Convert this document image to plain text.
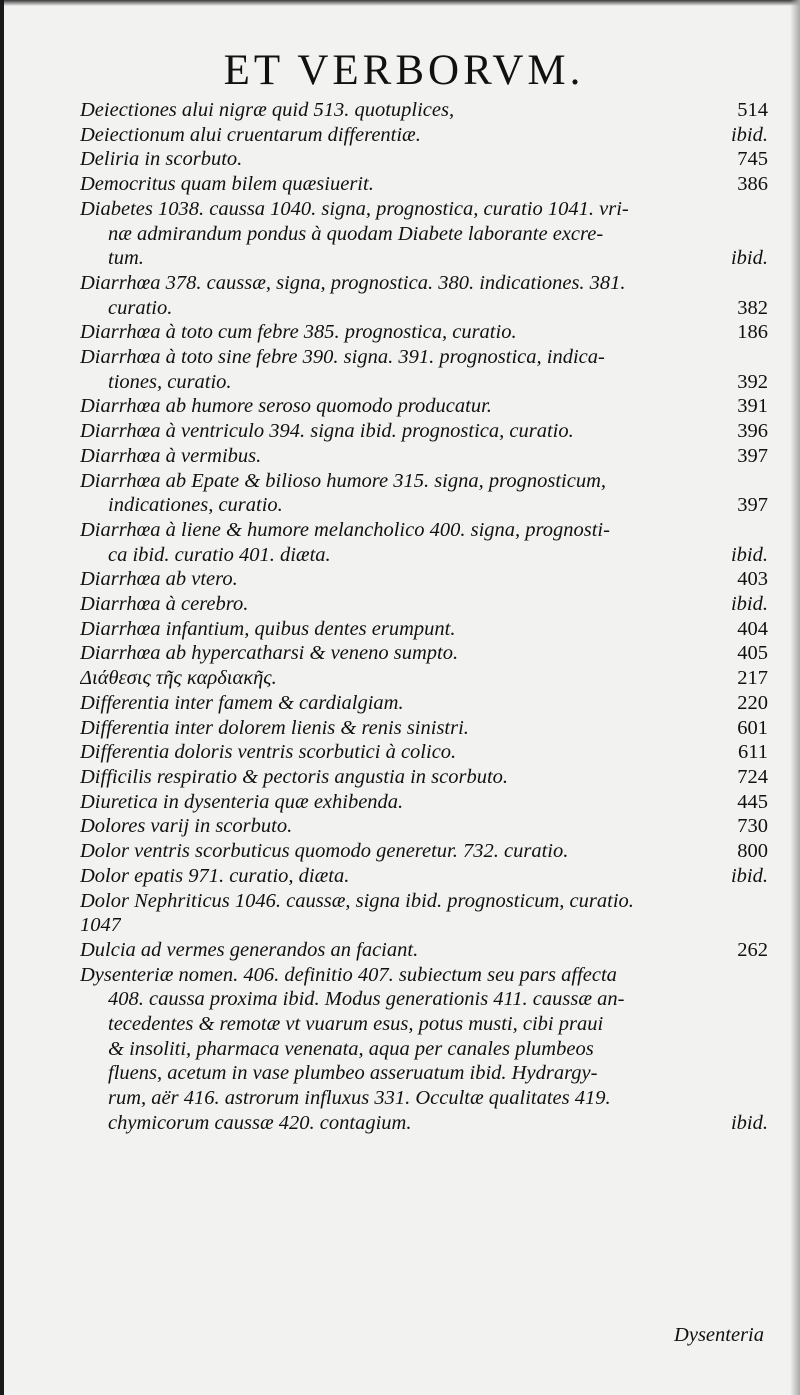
ET VERBORVM.
Deiectiones alui nigræ quid 513. quotuplices,	514
Deiectionum alui cruentarum differentiæ.	ibid.
Deliria in scorbuto.	745
Democritus quam bilem quæsiuerit.	386
Diabetes 1038. caussa 1040. signa, prognostica, curatio 1041. vri-
næ admirandum pondus à quodam Diabete laborante excre-
tum.	ibid.
Diarrhœa 378. caussæ, signa, prognostica. 380. indicationes. 381.
curatio.	382
Diarrhœa à toto cum febre 385. prognostica, curatio.	186
Diarrhœa à toto sine febre 390. signa. 391. prognostica, indica-
tiones, curatio.	392
Diarrhœa ab humore seroso quomodo producatur.	391
Diarrhœa à ventriculo 394. signa ibid. prognostica, curatio.	396
Diarrhœa à vermibus.	397
Diarrhœa ab Epate & bilioso humore 315. signa, prognosticum,
indicationes, curatio.	397
Diarrhœa à liene & humore melancholico 400. signa, prognosti-
ca ibid. curatio 401. diæta.	ibid.
Diarrhœa ab vtero.	403
Diarrhœa à cerebro.	ibid.
Diarrhœa infantium, quibus dentes erumpunt.	404
Diarrhœa ab hypercatharsi & veneno sumpto.	405
Διάθεσις τῆς καρδιακῆς.	217
Differentia inter famem & cardialgiam.	220
Differentia inter dolorem lienis & renis sinistri.	601
Differentia doloris ventris scorbutici à colico.	611
Difficilis respiratio & pectoris angustia in scorbuto.	724
Diuretica in dysenteria quæ exhibenda.	445
Dolores varij in scorbuto.	730
Dolor ventris scorbuticus quomodo generetur. 732. curatio.	800
Dolor epatis 971. curatio, diæta.	ibid.
Dolor Nephriticus 1046. caussæ, signa ibid. prognosticum, curatio.
1047
Dulcia ad vermes generandos an faciant.	262
Dysenteriæ nomen. 406. definitio 407. subiectum seu pars affecta
408. caussa proxima ibid. Modus generationis 411. caussæ an-
tecedentes & remotæ vt vuarum esus, potus musti, cibi praui
& insoliti, pharmaca venenata, aqua per canales plumbeos
fluens, acetum in vase plumbeo asseruatum ibid. Hydrargy-
rum, aër 416. astrorum influxus 331. Occultæ qualitates 419.
chymicorum caussæ 420. contagium.	ibid.
Dysenteria
